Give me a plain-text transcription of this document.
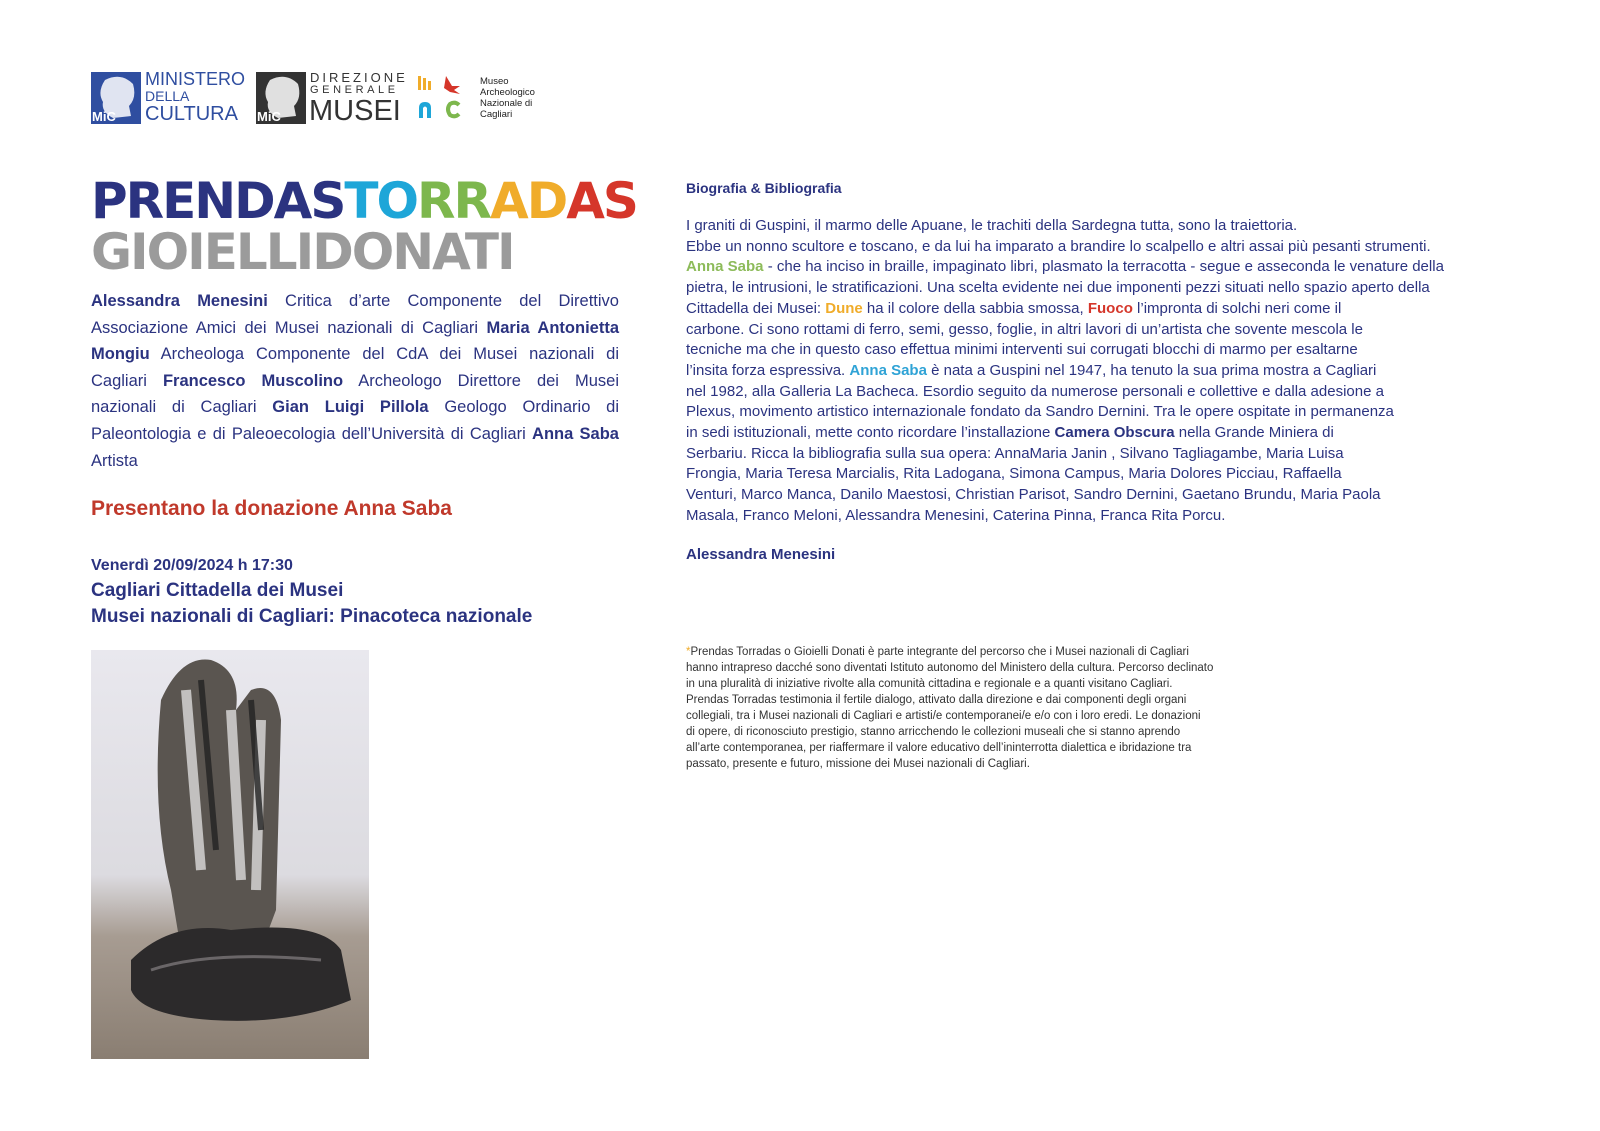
MiC
MINISTERO
DELLA
CULTURA MiC
DIREZIONE
GENERALE
MUSEI
Museo
Archeologico
Nazionale di
Cagliari
PRENDASTORRADAS
GIOIELLIDONATI
Alessandra Menesini Critica d’arte Componente del Direttivo Associazione Amici dei Musei nazionali di Cagliari Maria Antonietta Mongiu Archeologa Componente del CdA dei Musei nazionali di Cagliari Francesco Muscolino Archeologo Direttore dei Musei nazionali di Cagliari Gian Luigi Pillola Geologo Ordinario di Paleontologia e di Paleoecologia dell’Università di Cagliari Anna Saba Artista
Presentano la donazione Anna Saba
Venerdì 20/09/2024 h 17:30
Cagliari Cittadella dei Musei
Musei nazionali di Cagliari: Pinacoteca nazionale
Biografia & Bibliografia
I graniti di Guspini, il marmo delle Apuane, le trachiti della Sardegna tutta, sono la traiettoria.
Ebbe un nonno scultore e toscano, e da lui ha imparato a brandire lo scalpello e altri assai più pesanti strumenti.
Anna Saba - che ha inciso in braille, impaginato libri, plasmato la terracotta - segue e asseconda le venature della
pietra, le intrusioni, le stratificazioni. Una scelta evidente nei due imponenti pezzi situati nello spazio aperto della
Cittadella dei Musei: Dune ha il colore della sabbia smossa, Fuoco l’impronta di solchi neri come il
carbone. Ci sono rottami di ferro, semi, gesso, foglie, in altri lavori di un’artista che sovente mescola le
tecniche ma che in questo caso effettua minimi interventi sui corrugati blocchi di marmo per esaltarne
l’insita forza espressiva. Anna Saba è nata a Guspini nel 1947, ha tenuto la sua prima mostra a Cagliari
nel 1982, alla Galleria La Bacheca. Esordio seguito da numerose personali e collettive e dalla adesione a
Plexus, movimento artistico internazionale fondato da Sandro Dernini. Tra le opere ospitate in permanenza
in sedi istituzionali, mette conto ricordare l’installazione Camera Obscura nella Grande Miniera di
Serbariu. Ricca la bibliografia sulla sua opera: AnnaMaria Janin , Silvano Tagliagambe, Maria Luisa
Frongia, Maria Teresa Marcialis, Rita Ladogana, Simona Campus, Maria Dolores Picciau, Raffaella
Venturi, Marco Manca, Danilo Maestosi, Christian Parisot, Sandro Dernini, Gaetano Brundu, Maria Paola
Masala, Franco Meloni, Alessandra Menesini, Caterina Pinna, Franca Rita Porcu.
Alessandra Menesini
*Prendas Torradas o Gioielli Donati è parte integrante del percorso che i Musei nazionali di Cagliari
hanno intrapreso dacché sono diventati Istituto autonomo del Ministero della cultura. Percorso declinato
in una pluralità di iniziative rivolte alla comunità cittadina e regionale e a quanti visitano Cagliari.
Prendas Torradas testimonia il fertile dialogo, attivato dalla direzione e dai componenti degli organi
collegiali, tra i Musei nazionali di Cagliari e artisti/e contemporanei/e e/o con i loro eredi. Le donazioni
di opere, di riconosciuto prestigio, stanno arricchendo le collezioni museali che si stanno aprendo
all’arte contemporanea, per riaffermare il valore educativo dell’ininterrotta dialettica e ibridazione tra
passato, presente e futuro, missione dei Musei nazionali di Cagliari.
